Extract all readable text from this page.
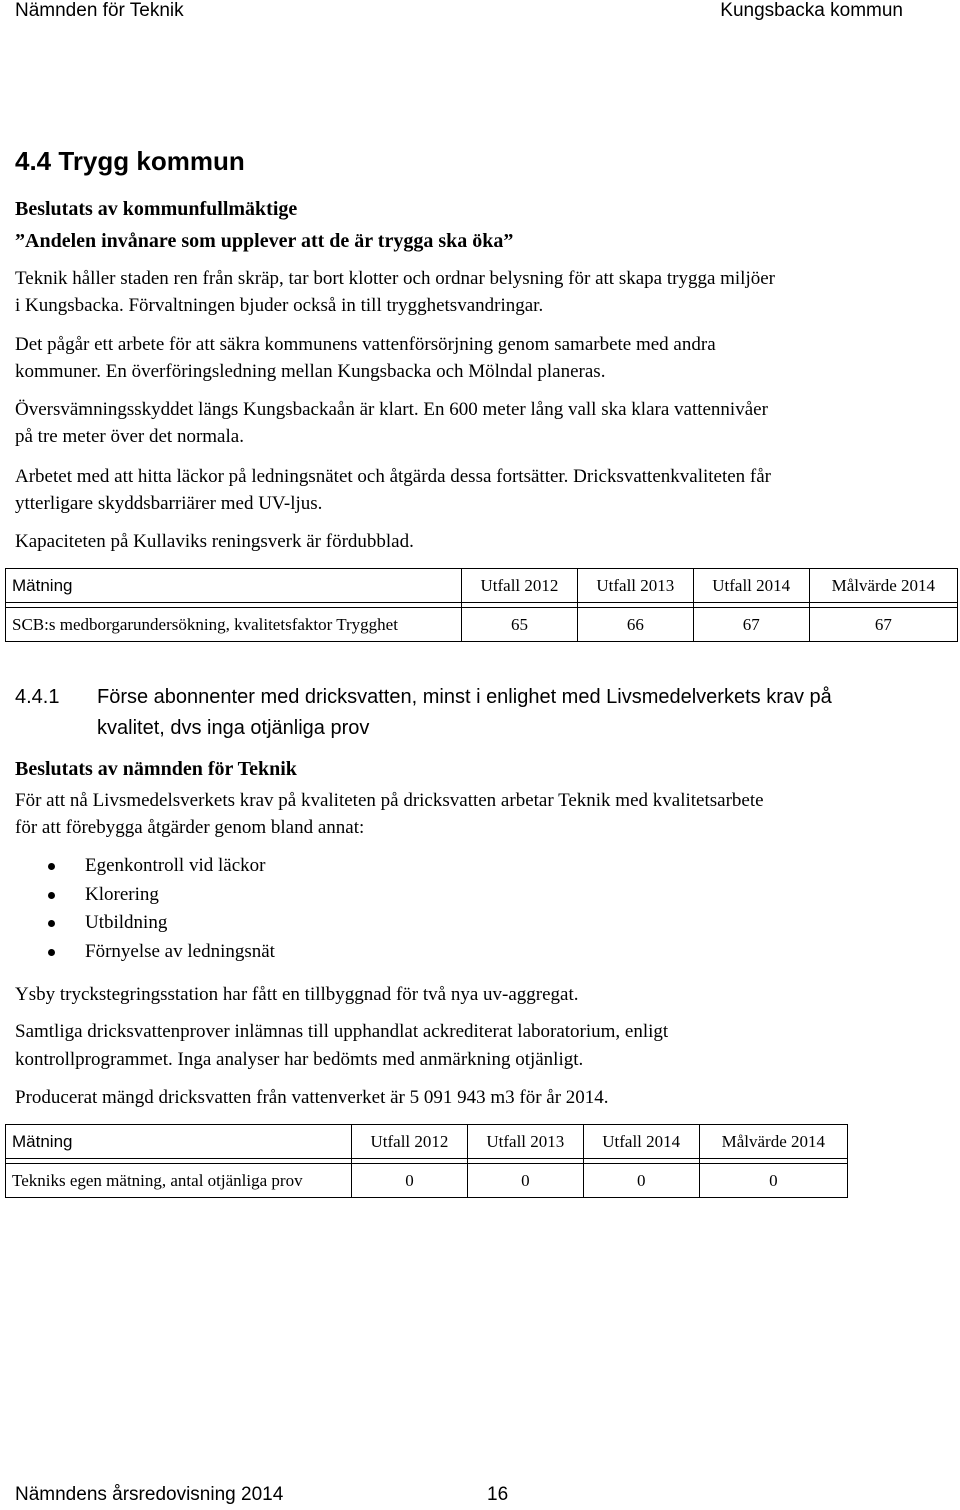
Nämnden för Teknik	Kungsbacka kommun
4.4 Trygg kommun
Beslutats av kommunfullmäktige
”Andelen invånare som upplever att de är trygga ska öka”
Teknik håller staden ren från skräp, tar bort klotter och ordnar belysning för att skapa trygga miljöer
i Kungsbacka. Förvaltningen bjuder också in till trygghetsvandringar.
Det pågår ett arbete för att säkra kommunens vattenförsörjning genom samarbete med andra
kommuner. En överföringsledning mellan Kungsbacka och Mölndal planeras.
Översvämningsskyddet längs Kungsbackaån är klart. En 600 meter lång vall ska klara vattennivåer
på tre meter över det normala.
Arbetet med att hitta läckor på ledningsnätet och åtgärda dessa fortsätter. Dricksvattenkvaliteten får
ytterligare skyddsbarriärer med UV-ljus.
Kapaciteten på Kullaviks reningsverk är fördubblad.
Mätning	Utfall 2012	Utfall 2013	Utfall 2014	Målvärde 2014

SCB:s medborgarundersökning, kvalitetsfaktor Trygghet	65	66	67	67
4.4.1 Förse abonnenter med dricksvatten, minst i enlighet med Livsmedelverkets krav på
kvalitet, dvs inga otjänliga prov
Beslutats av nämnden för Teknik
För att nå Livsmedelsverkets krav på kvaliteten på dricksvatten arbetar Teknik med kvalitetsarbete
för att förebygga åtgärder genom bland annat:
Egenkontroll vid läckor
Klorering
Utbildning
Förnyelse av ledningsnät
Ysby tryckstegringsstation har fått en tillbyggnad för två nya uv-aggregat.
Samtliga dricksvattenprover inlämnas till upphandlat ackrediterat laboratorium, enligt
kontrollprogrammet. Inga analyser har bedömts med anmärkning otjänligt.
Producerat mängd dricksvatten från vattenverket är 5 091 943 m3 för år 2014.
Mätning	Utfall 2012	Utfall 2013	Utfall 2014	Målvärde 2014

Tekniks egen mätning, antal otjänliga prov	0	0	0	0
Nämndens årsredovisning 2014	16
